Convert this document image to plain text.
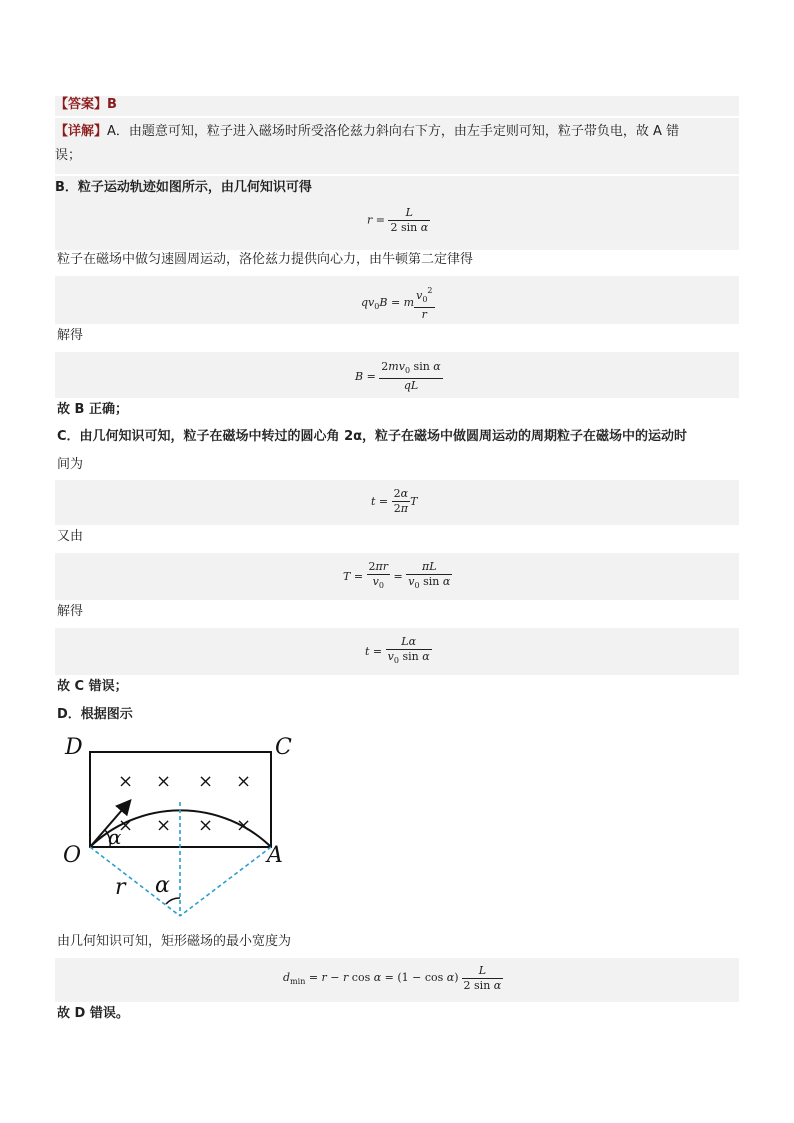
【答案】B
【详解】A．由题意可知，粒子进入磁场时所受洛伦兹力斜向右下方，由左手定则可知，粒子带负电，故 A 错
误；
B．粒子运动轨迹如图所示，由几何知识可得
$r = \frac{L}{\text{2 sin α}}$
粒子在磁场中做匀速圆周运动，洛伦兹力提供向心力，由牛顿第二定律得
$qv_0B = m \frac{v_0^2}{r}$
解得
$B = \frac{2mv_0 \sin \alpha}{qL}$
故 B 正确；
C．由几何知识可知，粒子在磁场中转过的圆心角 2α，粒子在磁场中做圆周运动的周期粒子在磁场中的运动时
间为
$t = \frac{2\alpha}{2\pi}$ T
又由
$T = \frac{2\pi r}{v_0} = \frac{\pi L}{v_0 \sin \alpha}$
解得
$t = \frac{L\alpha}{v_0 \sin \alpha}$
故 C 错误；
D．根据图示
× × × ×
× × ×
×
D	C
O	A
r α
α
由几何知识可知，矩形磁场的最小宽度为
$d_{min} = r - r$ $\cos \alpha = (1 - \cos \alpha) \frac{L}{\text{2 sin α}}$
故 D 错误。
